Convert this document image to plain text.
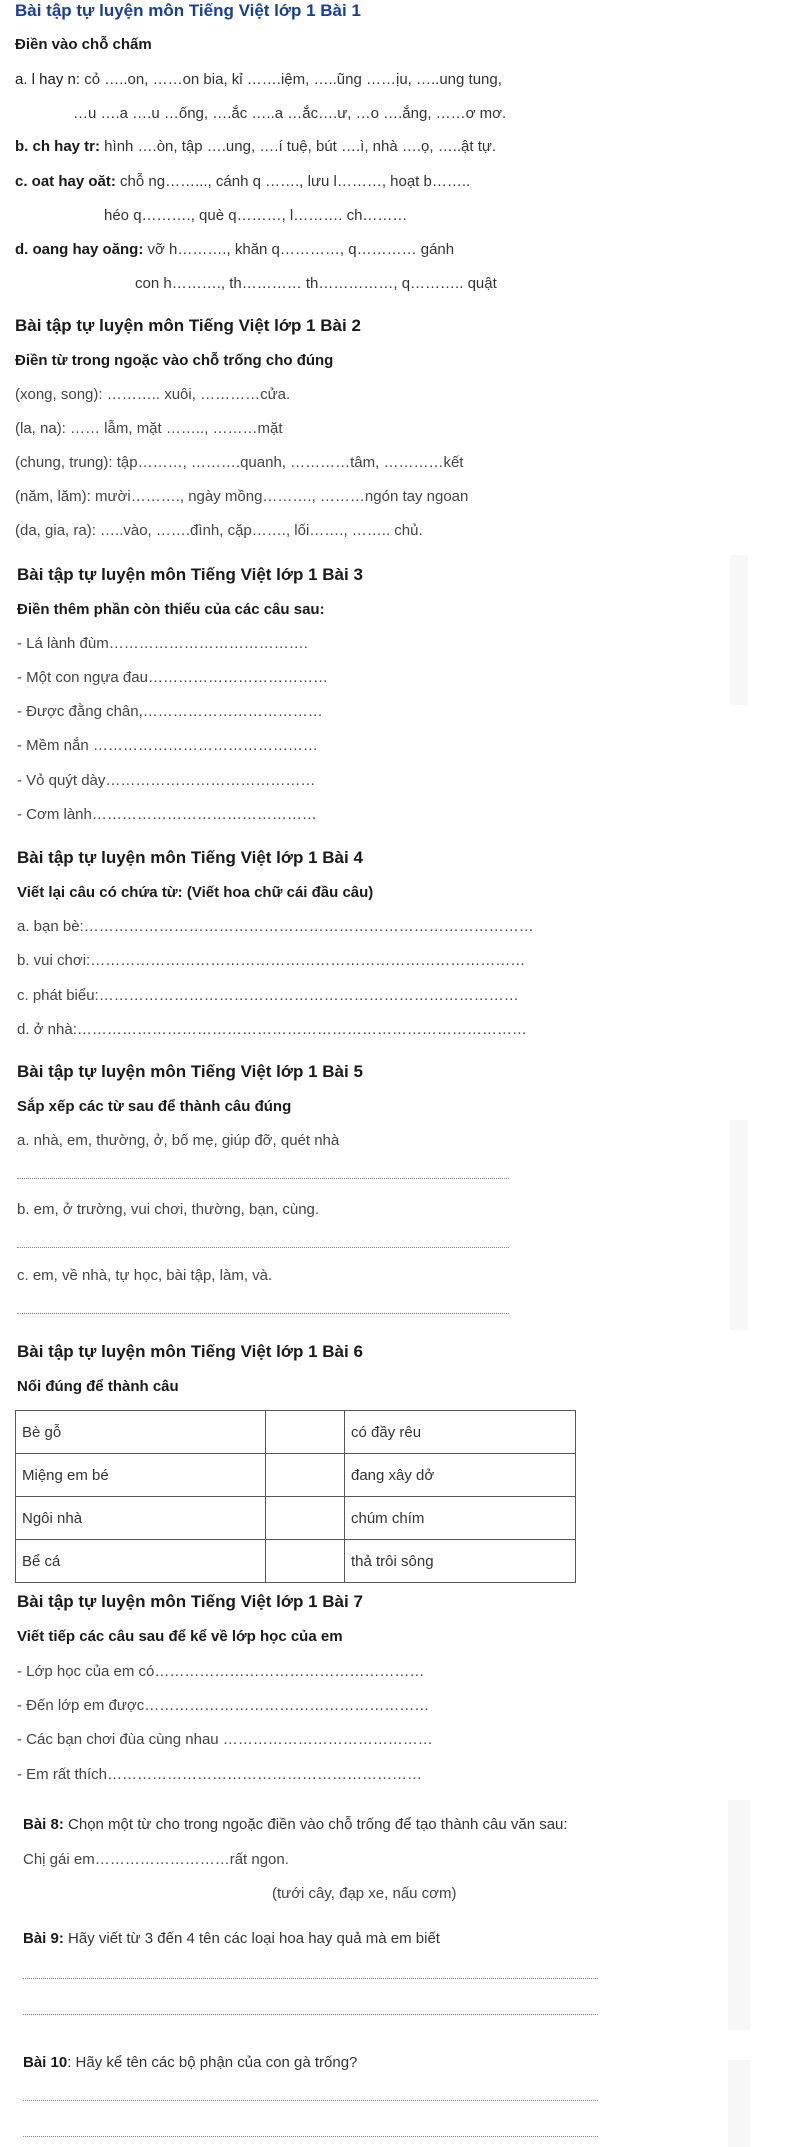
Bài tập tự luyện môn Tiếng Việt lớp 1 Bài 1
Điền vào chỗ chấm
a. l hay n: cỏ …..on, ……on bia, kỉ …….iệm, …..ũng ……ịu, …..ung tung,
…u ….a ….u …ống, ….ắc …..a …ắc….ư, …o ….ắng, ……ơ mơ.
b. ch hay tr: hình ….òn, tập ….ung, ….í tuệ, bút ….ì, nhà ….ọ, …..ật tự.
c. oat hay oăt: chỗ ng……..., cánh q ……., lưu l………, hoạt b……..
héo q………., què q………, l………. ch………
d. oang hay oăng: vỡ h………., khăn q…………, q………… gánh
con h………., th………… th……………, q……….. quật
Bài tập tự luyện môn Tiếng Việt lớp 1 Bài 2
Điền từ trong ngoặc vào chỗ trống cho đúng
(xong, song): ……….. xuôi, …………cửa.
(la, na): …… lẫm, mặt …….., ………mặt
(chung, trung): tập………, ……….quanh, …………tâm, …………kết
(năm, lăm): mười………., ngày mồng………., ………ngón tay ngoan
(da, gia, ra): …..vào, …….đình, cặp……., lối……., …….. chủ.
Bài tập tự luyện môn Tiếng Việt lớp 1 Bài 3
Điền thêm phần còn thiếu của các câu sau:
- Lá lành đùm………………………………….
- Một con ngựa đau………………………………
- Được đằng chân,………………………………
- Mềm nắn ………………………………………
- Vỏ quýt dày……………………………………
- Cơm lành………………………………………
Bài tập tự luyện môn Tiếng Việt lớp 1 Bài 4
Viết lại câu có chứa từ: (Viết hoa chữ cái đầu câu)
a. bạn bè:………………………………………………………………………………
b. vui chơi:……………………………………………………………………………
c. phát biểu:…………………………………………………………………………
d. ở nhà:………………………………………………………………………………
Bài tập tự luyện môn Tiếng Việt lớp 1 Bài 5
Sắp xếp các từ sau để thành câu đúng
a. nhà, em, thường, ở, bố mẹ, giúp đỡ, quét nhà
b. em, ở trường, vui chơi, thường, bạn, cùng.
c. em, về nhà, tự học, bài tập, làm, và.
Bài tập tự luyện môn Tiếng Việt lớp 1 Bài 6
Nối đúng để thành câu
Bè gỗ		có đầy rêu
Miệng em bé		đang xây dở
Ngôi nhà		chúm chím
Bể cá		thả trôi sông
Bài tập tự luyện môn Tiếng Việt lớp 1 Bài 7
Viết tiếp các câu sau để kể về lớp học của em
- Lớp học của em có………………………………………………
- Đến lớp em được…………………………………………………
- Các bạn chơi đùa cùng nhau ……………………………………
- Em rất thích………………………………………………………
Bài 8: Chọn một từ cho trong ngoặc điền vào chỗ trống để tạo thành câu văn sau:
Chị gái em………………………rất ngon.
(tưới cây, đạp xe, nấu cơm)
Bài 9: Hãy viết từ 3 đến 4 tên các loại hoa hay quả mà em biết
Bài 10: Hãy kể tên các bộ phận của con gà trống?
